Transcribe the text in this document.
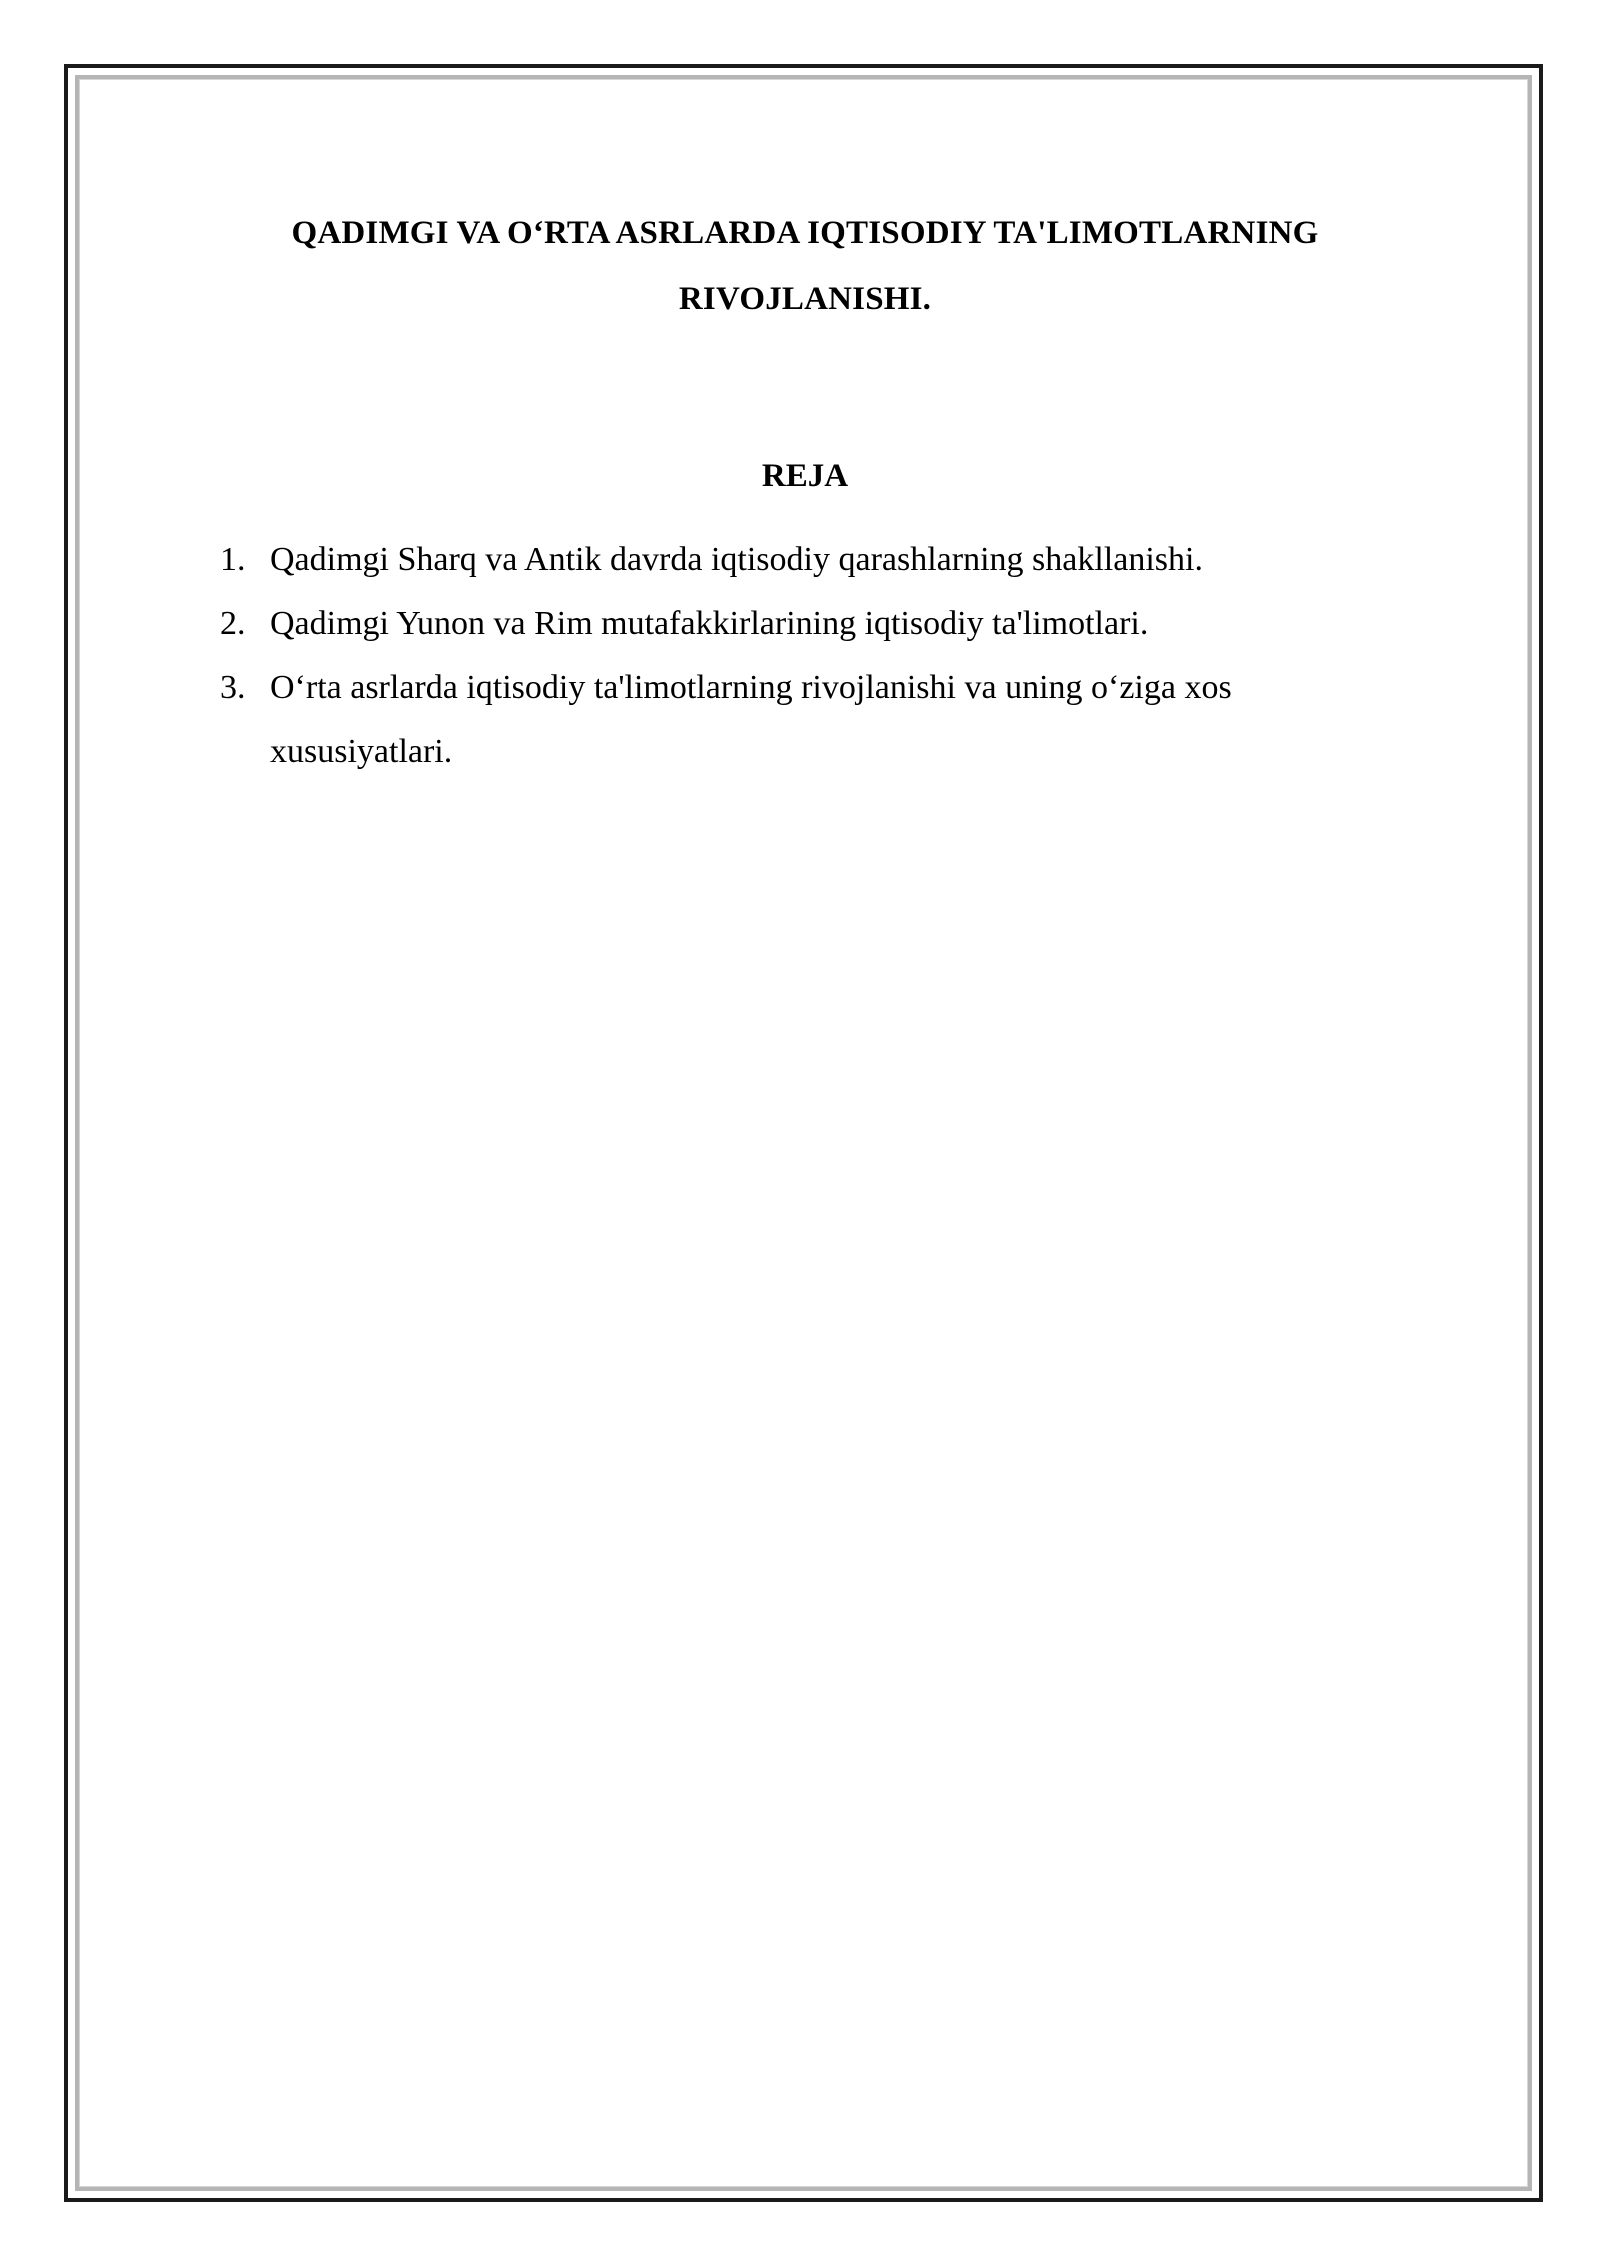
QADIMGI VA O‘RTA ASRLARDA IQTISODIY TA'LIMOTLARNING RIVOJLANISHI.
REJA
1. Qadimgi Sharq va Antik davrda iqtisodiy qarashlarning shakllanishi.
2. Qadimgi Yunon va Rim mutafakkirlarining iqtisodiy ta'limotlari.
3. O‘rta asrlarda iqtisodiy ta'limotlarning rivojlanishi va uning o‘ziga xos xususiyatlari.
